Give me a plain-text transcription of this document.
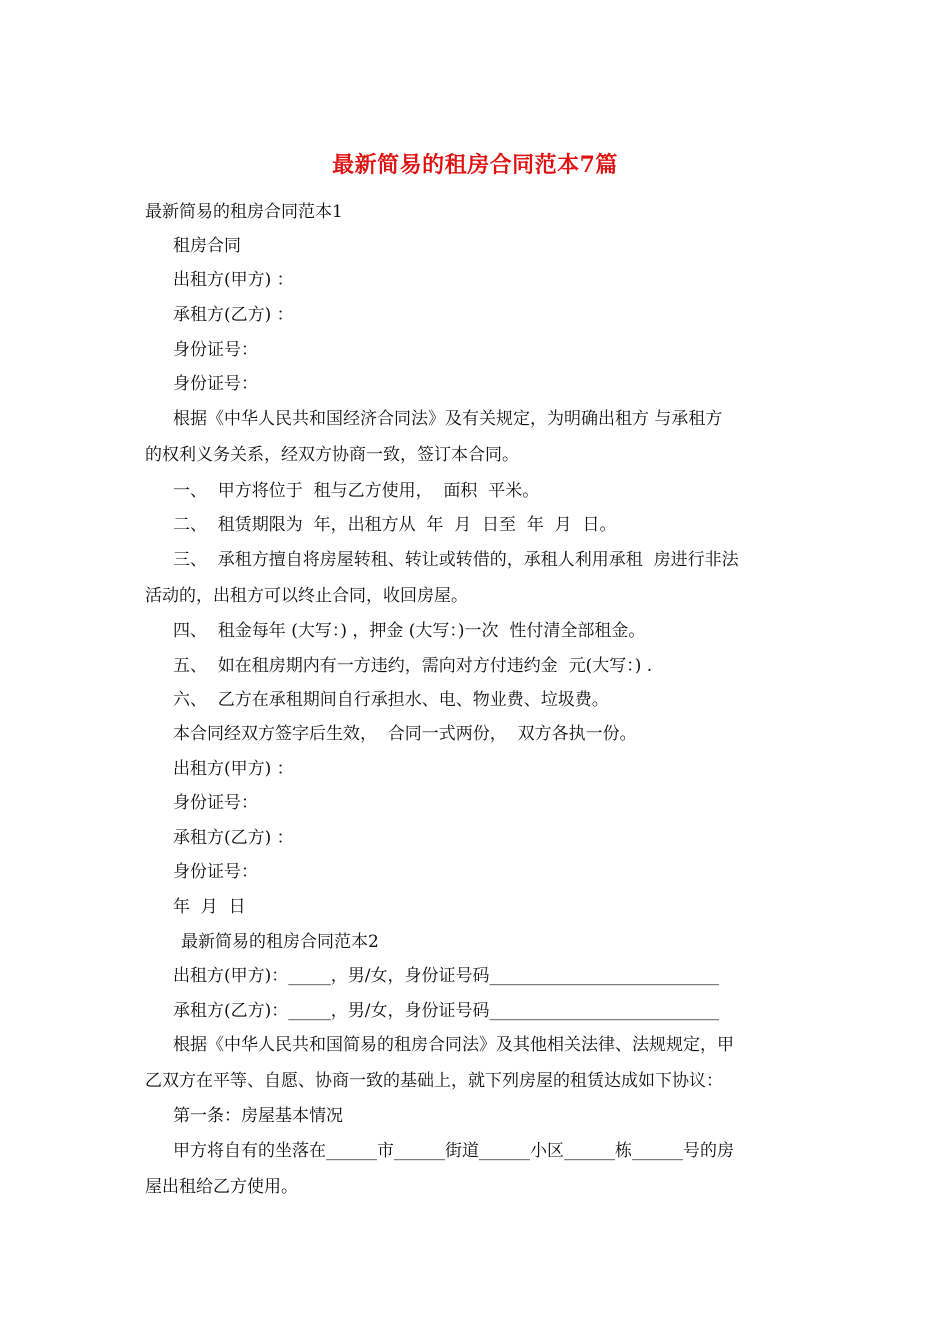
最新简易的租房合同范本7篇
最新简易的租房合同范本1
租房合同
出租方(甲方) ：
承租方(乙方) ：
身份证号：
身份证号：
根据《中华人民共和国经济合同法》及有关规定，为明确出租方 与承租方
的权利义务关系，经双方协商一致，签订本合同。
一、  甲方将位于  租与乙方使用，  面积  平米。
二、  租赁期限为  年，出租方从  年  月  日至  年  月  日。
三、  承租方擅自将房屋转租、转让或转借的，承租人利用承租  房进行非法
活动的，出租方可以终止合同，收回房屋。
四、  租金每年 (大写：) ，押金 (大写：)一次  性付清全部租金。
五、  如在租房期内有一方违约，需向对方付违约金  元(大写：) .
六、  乙方在承租期间自行承担水、电、物业费、垃圾费。
本合同经双方签字后生效，  合同一式两份，  双方各执一份。
出租方(甲方) ：
身份证号：
承租方(乙方) ：
身份证号：
年  月  日
最新简易的租房合同范本2
出租方(甲方)：_____，男/女，身份证号码___________________________
承租方(乙方)：_____，男/女，身份证号码___________________________
根据《中华人民共和国简易的租房合同法》及其他相关法律、法规规定，甲
乙双方在平等、自愿、协商一致的基础上，就下列房屋的租赁达成如下协议：
第一条：房屋基本情况
甲方将自有的坐落在______市______街道______小区______栋______号的房
屋出租给乙方使用。
